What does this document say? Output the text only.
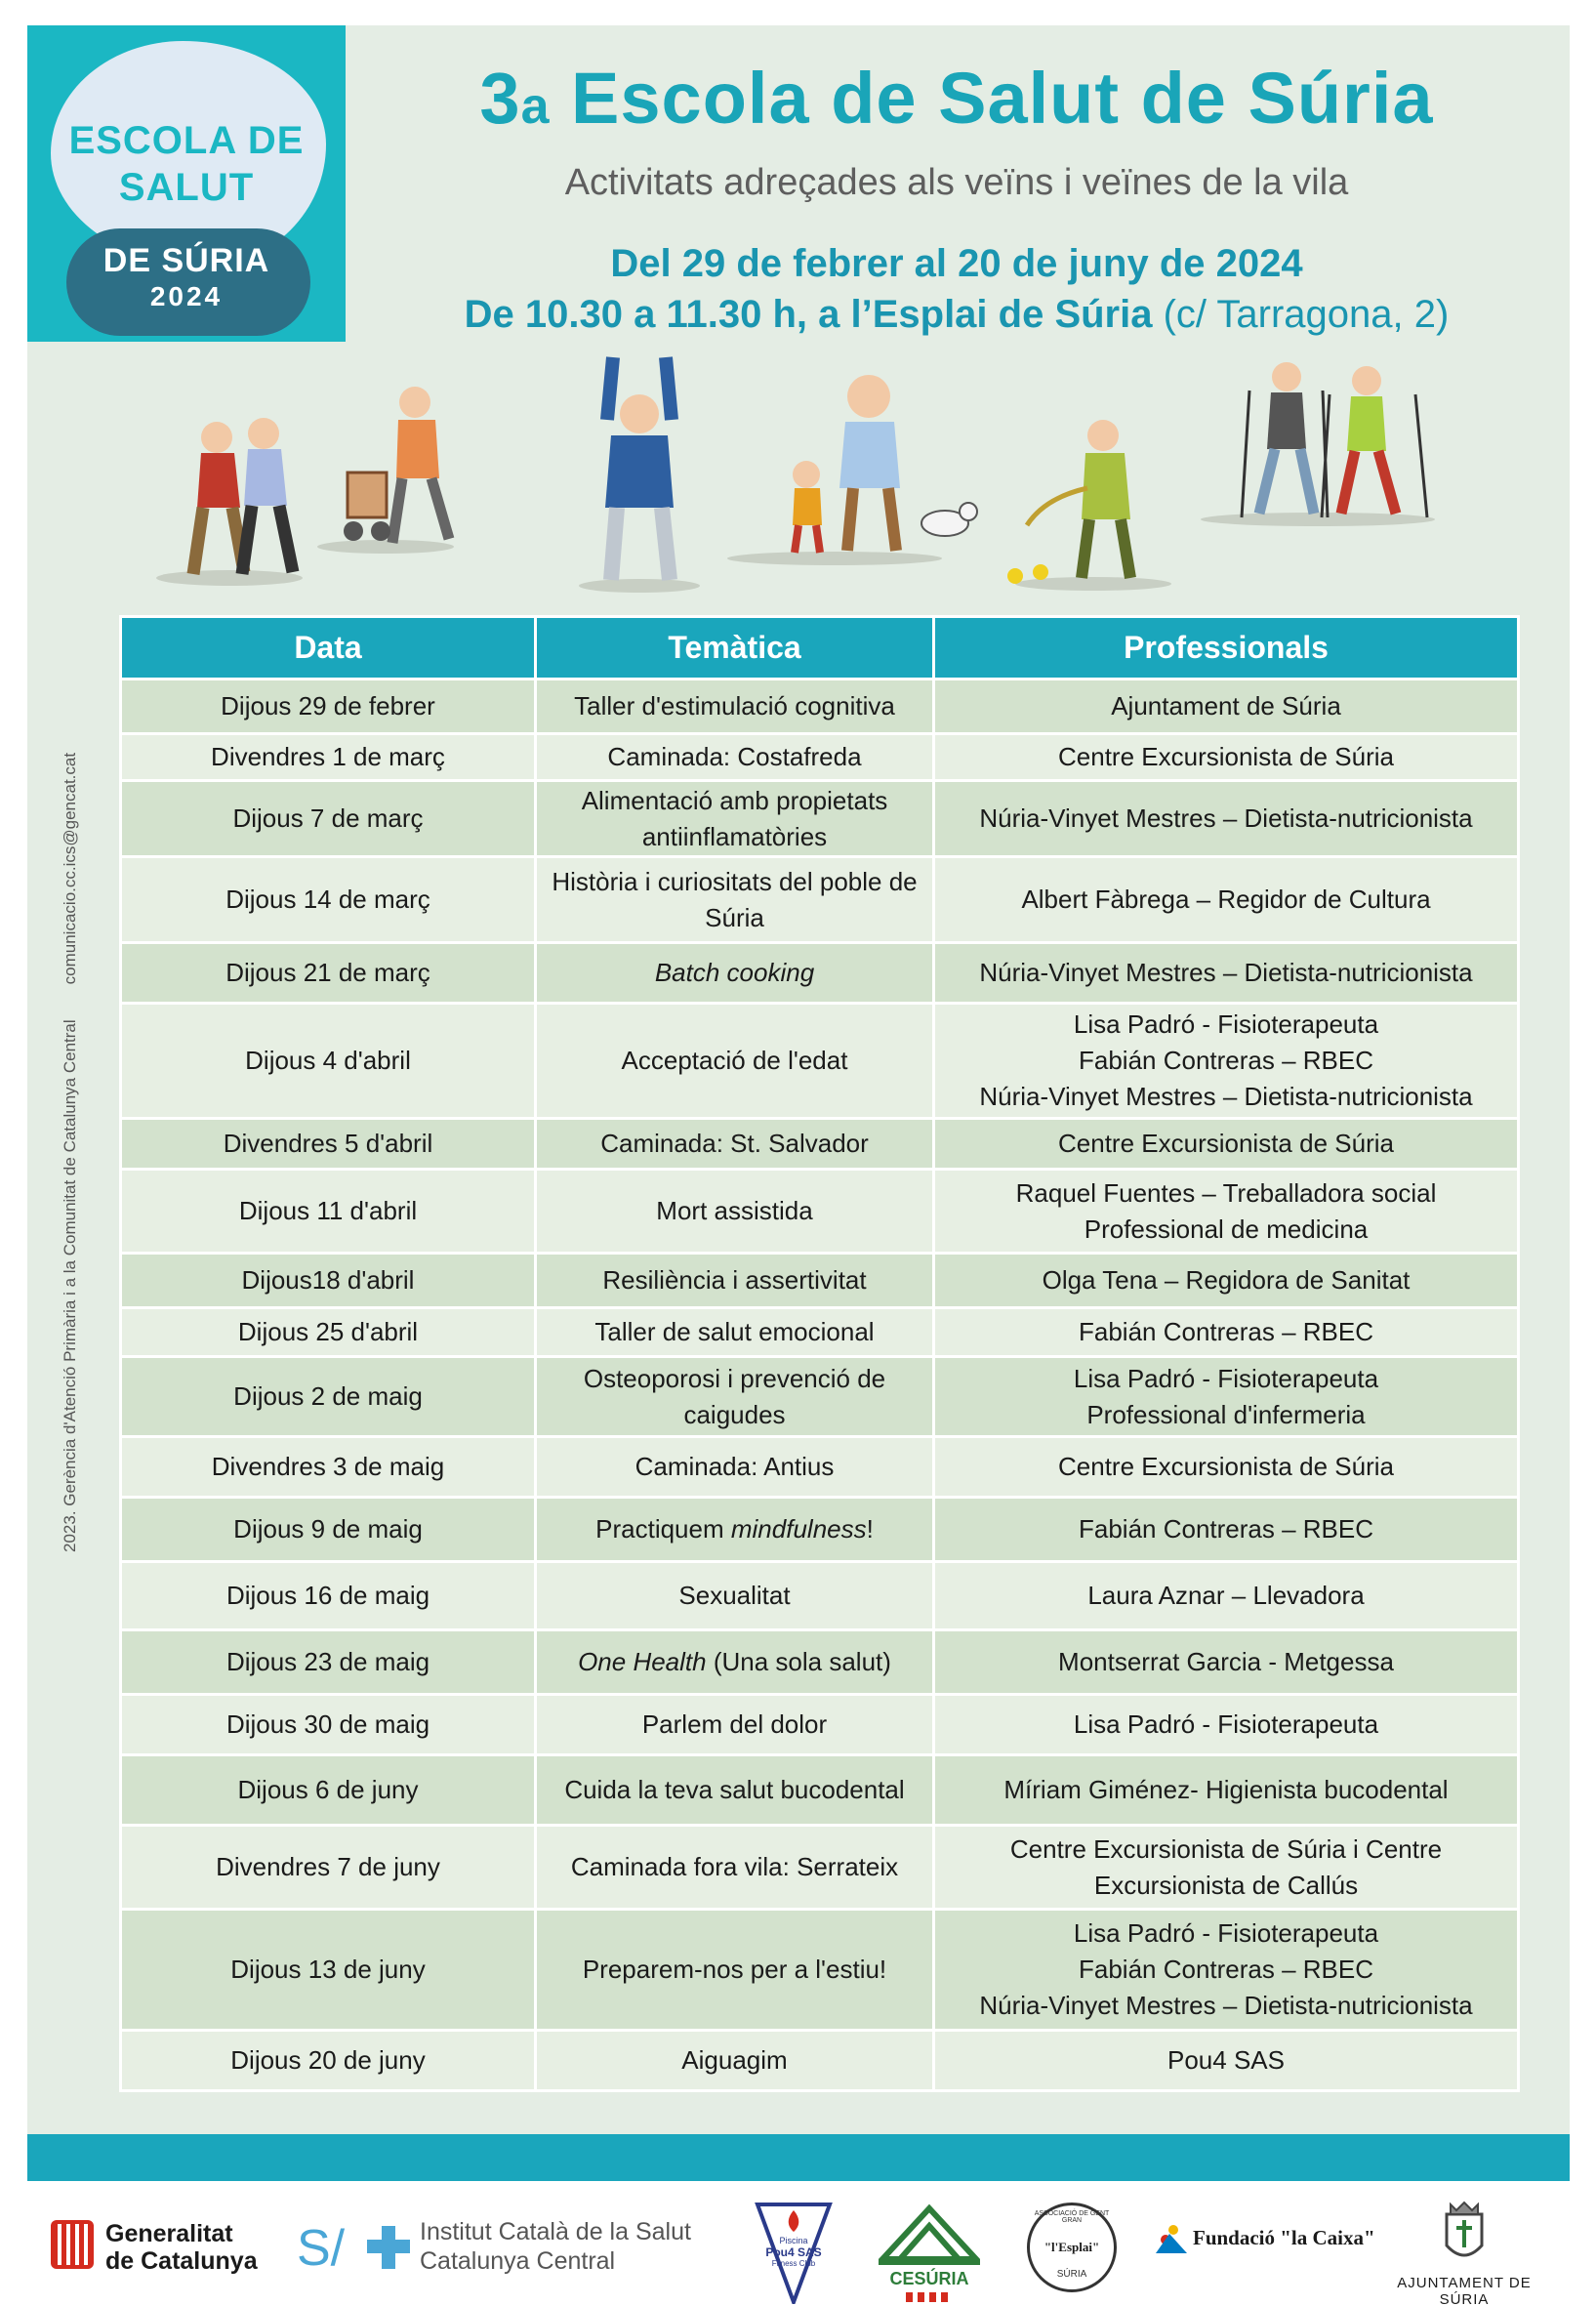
ESCOLA DE
SALUT
DE SÚRIA
2024
3a Escola de Salut de Súria
Activitats adreçades als veïns i veïnes de la vila
Del 29 de febrer al 20 de juny de 2024
De 10.30 a 11.30 h, a l’Esplai de Súria (c/ Tarragona, 2)
2023. Gerència d'Atenció Primària i a la Comunitat de Catalunya Centralcomunicacio.cc.ics@gencat.cat
Data	Temàtica	Professionals
Dijous 29 de febrer	Taller d'estimulació cognitiva	Ajuntament de Súria

Divendres 1 de març	Caminada: Costafreda	Centre Excursionista de Súria

Dijous 7 de març	Alimentació amb propietats antiinflamatòries	Núria-Vinyet Mestres – Dietista-nutricionista

Dijous 14 de març	Història i curiositats del poble de Súria	Albert Fàbrega – Regidor de Cultura

Dijous 21 de març	Batch cooking	Núria-Vinyet Mestres – Dietista-nutricionista

Dijous 4 d'abril	Acceptació de l'edat	Lisa Padró - Fisioterapeuta
Fabián Contreras – RBEC
Núria-Vinyet Mestres – Dietista-nutricionista

Divendres 5 d'abril	Caminada: St. Salvador	Centre Excursionista de Súria

Dijous 11 d'abril	Mort assistida	Raquel Fuentes – Treballadora social
Professional de medicina

Dijous18 d'abril	Resiliència i assertivitat	Olga Tena – Regidora de Sanitat

Dijous 25 d'abril	Taller de salut emocional	Fabián Contreras – RBEC

Dijous 2 de maig	Osteoporosi i prevenció de caigudes	Lisa Padró - Fisioterapeuta
Professional d'infermeria

Divendres 3 de maig	Caminada: Antius	Centre Excursionista de Súria

Dijous 9 de maig	Practiquem mindfulness!	Fabián Contreras – RBEC

Dijous 16 de maig	Sexualitat	Laura Aznar – Llevadora

Dijous 23 de maig	One Health (Una sola salut)	Montserrat Garcia - Metgessa

Dijous 30 de maig	Parlem del dolor	Lisa Padró - Fisioterapeuta

Dijous 6 de juny	Cuida la teva salut bucodental	Míriam Giménez- Higienista bucodental

Divendres 7 de juny	Caminada fora vila: Serrateix	Centre Excursionista de Súria i Centre Excursionista de Callús

Dijous 13 de juny	Preparem-nos per a l'estiu!	Lisa Padró - Fisioterapeuta
Fabián Contreras – RBEC
Núria-Vinyet Mestres – Dietista-nutricionista

Dijous 20 de juny	Aiguagim	Pou4 SAS
Generalitat
de Catalunya S/	Institut Català de la Salut
Catalunya Central
Piscina
Pou4 SAS
Fitness Club
CESÚRIA
ASSOCIACIÓ DE GENT GRAN
"l'Esplai"
SÚRIA
Fundació "la Caixa"
AJUNTAMENT DE SÚRIA
